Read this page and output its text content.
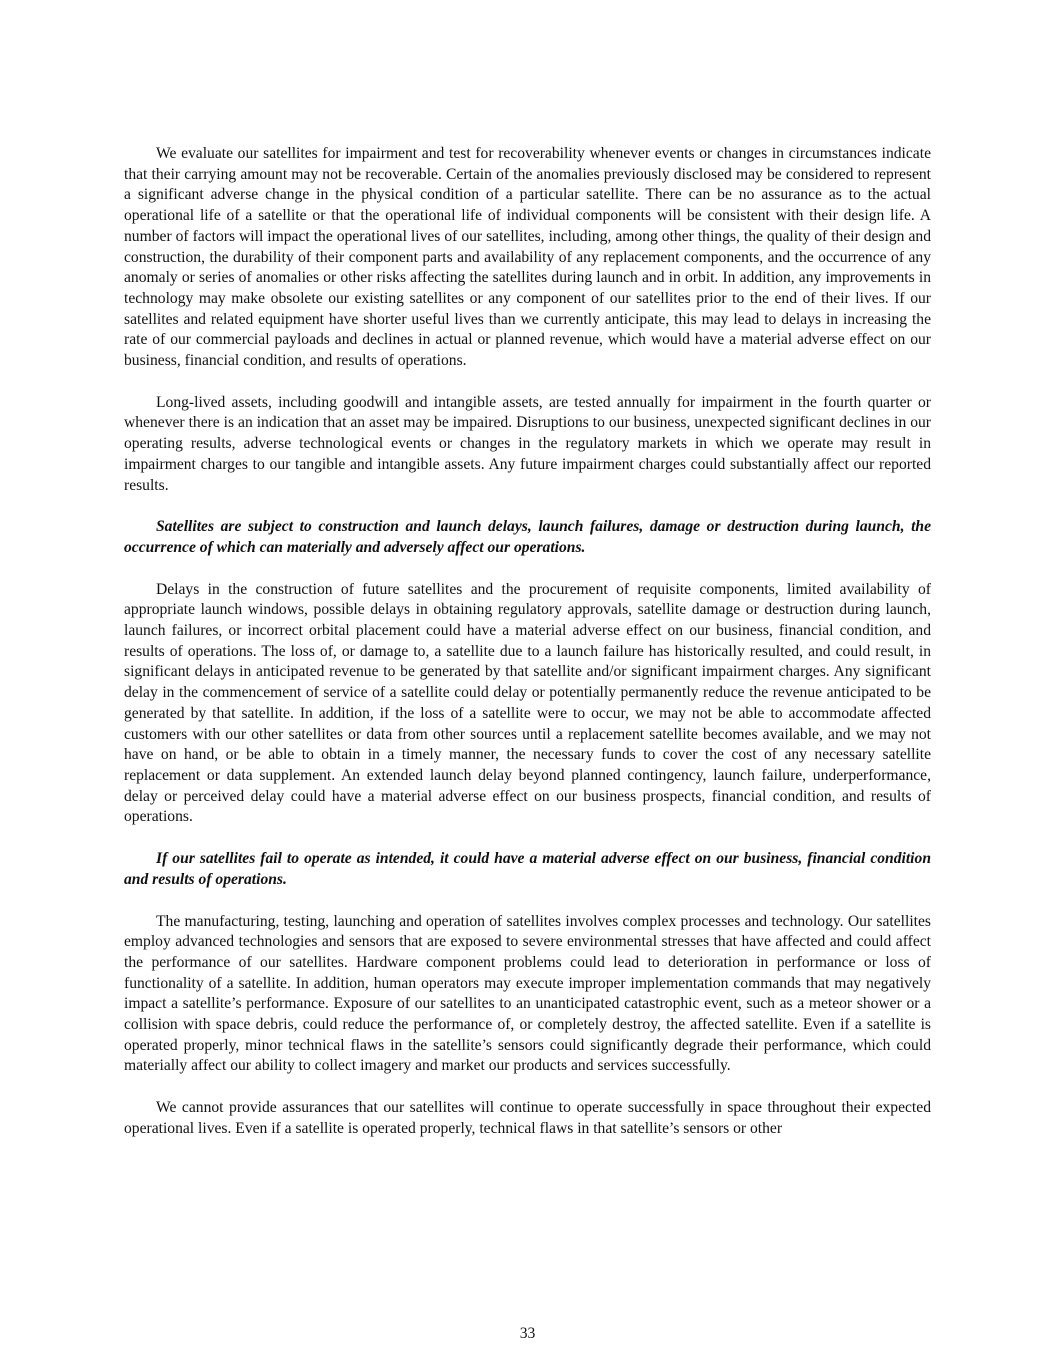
We evaluate our satellites for impairment and test for recoverability whenever events or changes in circumstances indicate that their carrying amount may not be recoverable. Certain of the anomalies previously disclosed may be considered to represent a significant adverse change in the physical condition of a particular satellite. There can be no assurance as to the actual operational life of a satellite or that the operational life of individual components will be consistent with their design life. A number of factors will impact the operational lives of our satellites, including, among other things, the quality of their design and construction, the durability of their component parts and availability of any replacement components, and the occurrence of any anomaly or series of anomalies or other risks affecting the satellites during launch and in orbit. In addition, any improvements in technology may make obsolete our existing satellites or any component of our satellites prior to the end of their lives. If our satellites and related equipment have shorter useful lives than we currently anticipate, this may lead to delays in increasing the rate of our commercial payloads and declines in actual or planned revenue, which would have a material adverse effect on our business, financial condition, and results of operations.

Long-lived assets, including goodwill and intangible assets, are tested annually for impairment in the fourth quarter or whenever there is an indication that an asset may be impaired. Disruptions to our business, unexpected significant declines in our operating results, adverse technological events or changes in the regulatory markets in which we operate may result in impairment charges to our tangible and intangible assets. Any future impairment charges could substantially affect our reported results.

Satellites are subject to construction and launch delays, launch failures, damage or destruction during launch, the occurrence of which can materially and adversely affect our operations.

Delays in the construction of future satellites and the procurement of requisite components, limited availability of appropriate launch windows, possible delays in obtaining regulatory approvals, satellite damage or destruction during launch, launch failures, or incorrect orbital placement could have a material adverse effect on our business, financial condition, and results of operations. The loss of, or damage to, a satellite due to a launch failure has historically resulted, and could result, in significant delays in anticipated revenue to be generated by that satellite and/or significant impairment charges. Any significant delay in the commencement of service of a satellite could delay or potentially permanently reduce the revenue anticipated to be generated by that satellite. In addition, if the loss of a satellite were to occur, we may not be able to accommodate affected customers with our other satellites or data from other sources until a replacement satellite becomes available, and we may not have on hand, or be able to obtain in a timely manner, the necessary funds to cover the cost of any necessary satellite replacement or data supplement. An extended launch delay beyond planned contingency, launch failure, underperformance, delay or perceived delay could have a material adverse effect on our business prospects, financial condition, and results of operations.

If our satellites fail to operate as intended, it could have a material adverse effect on our business, financial condition and results of operations.

The manufacturing, testing, launching and operation of satellites involves complex processes and technology. Our satellites employ advanced technologies and sensors that are exposed to severe environmental stresses that have affected and could affect the performance of our satellites. Hardware component problems could lead to deterioration in performance or loss of functionality of a satellite. In addition, human operators may execute improper implementation commands that may negatively impact a satellite’s performance. Exposure of our satellites to an unanticipated catastrophic event, such as a meteor shower or a collision with space debris, could reduce the performance of, or completely destroy, the affected satellite. Even if a satellite is operated properly, minor technical flaws in the satellite’s sensors could significantly degrade their performance, which could materially affect our ability to collect imagery and market our products and services successfully.

We cannot provide assurances that our satellites will continue to operate successfully in space throughout their expected operational lives. Even if a satellite is operated properly, technical flaws in that satellite’s sensors or other

33
